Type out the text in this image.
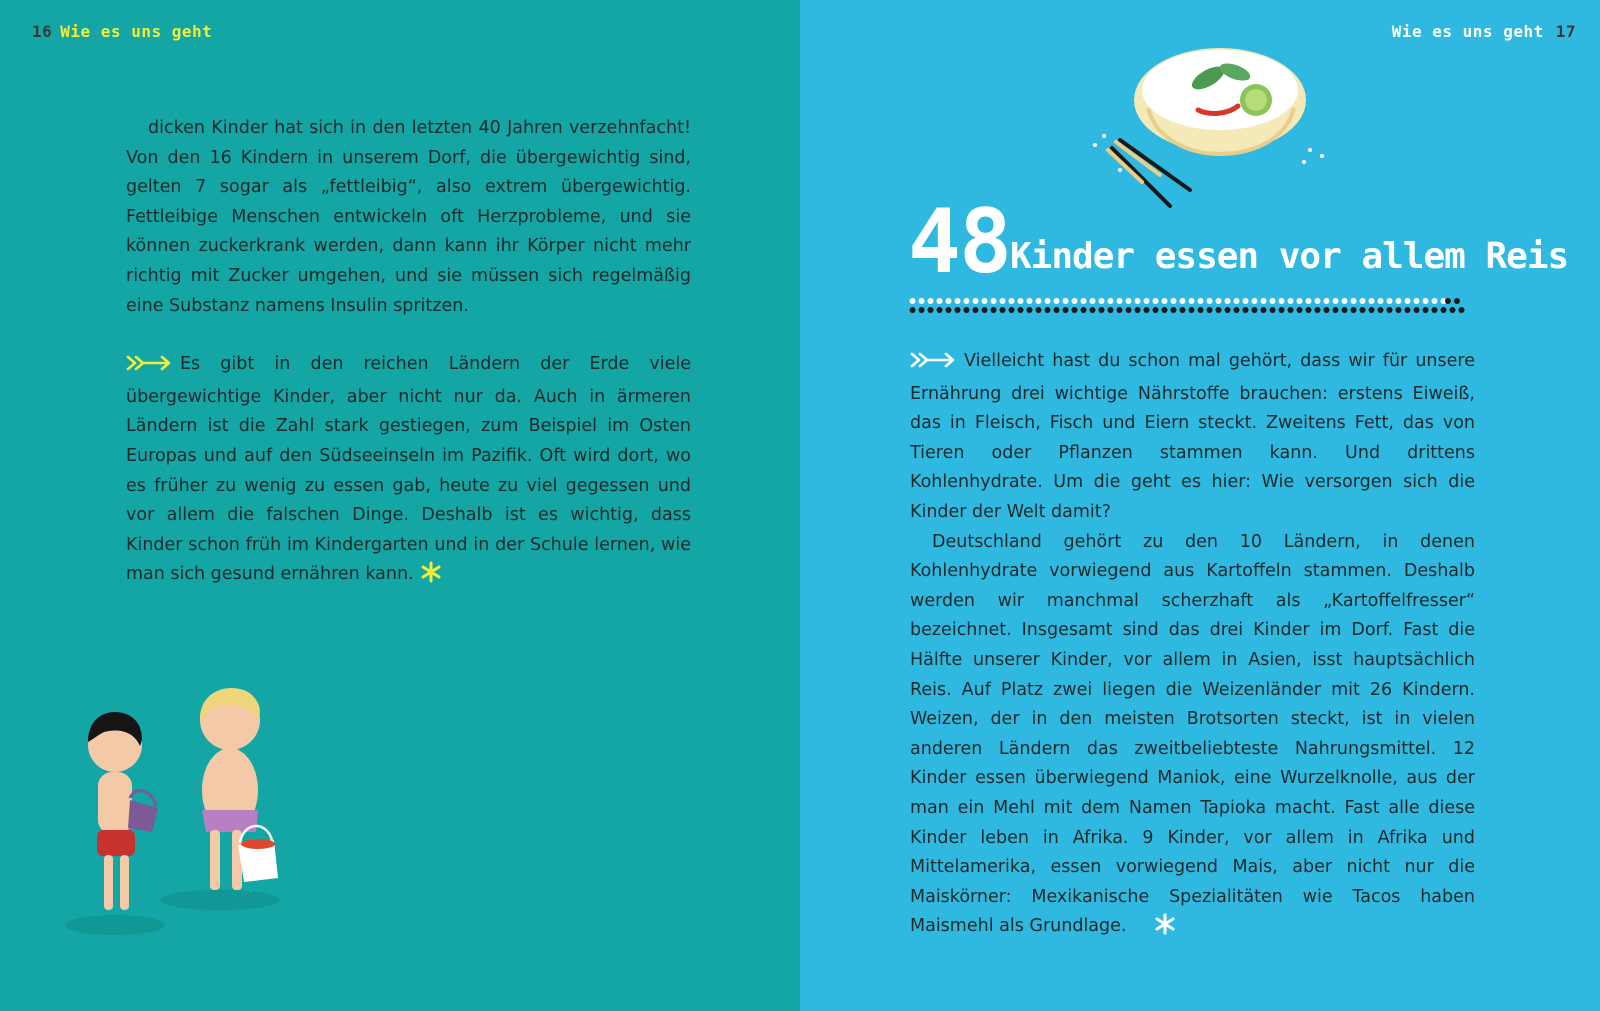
16 Wie es uns geht

dicken Kinder hat sich in den letzten 40 Jahren verzehnfacht! Von den 16 Kindern in unserem Dorf, die übergewichtig sind, gelten 7 sogar als „fettleibig“, also extrem übergewichtig. Fettleibige Menschen entwickeln oft Herzprobleme, und sie können zuckerkrank werden, dann kann ihr Körper nicht mehr richtig mit Zucker umgehen, und sie müssen sich regelmäßig eine Substanz namens Insulin spritzen.

Es gibt in den reichen Ländern der Erde viele übergewichtige Kinder, aber nicht nur da. Auch in ärmeren Ländern ist die Zahl stark gestiegen, zum Beispiel im Osten Europas und auf den Südseeinseln im Pazifik. Oft wird dort, wo es früher zu wenig zu essen gab, heute zu viel gegessen und vor allem die falschen Dinge. Deshalb ist es wichtig, dass Kinder schon früh im Kindergarten und in der Schule lernen, wie man sich gesund ernähren kann.

Wie es uns geht 17
48 Kinder essen vor allem Reis

Vielleicht hast du schon mal gehört, dass wir für unsere Ernährung drei wichtige Nährstoffe brauchen: erstens Eiweiß, das in Fleisch, Fisch und Eiern steckt. Zweitens Fett, das von Tieren oder Pflanzen stammen kann. Und drittens Kohlenhydrate. Um die geht es hier: Wie versorgen sich die Kinder der Welt damit?

Deutschland gehört zu den 10 Ländern, in denen Kohlenhydrate vorwiegend aus Kartoffeln stammen. Deshalb werden wir manchmal scherzhaft als „Kartoffelfresser“ bezeichnet. Insgesamt sind das drei Kinder im Dorf. Fast die Hälfte unserer Kinder, vor allem in Asien, isst hauptsächlich Reis. Auf Platz zwei liegen die Weizenländer mit 26 Kindern. Weizen, der in den meisten Brotsorten steckt, ist in vielen anderen Ländern das zweitbeliebteste Nahrungsmittel. 12 Kinder essen überwiegend Maniok, eine Wurzelknolle, aus der man ein Mehl mit dem Namen Tapioka macht. Fast alle diese Kinder leben in Afrika. 9 Kinder, vor allem in Afrika und Mittelamerika, essen vorwiegend Mais, aber nicht nur die Maiskörner: Mexikanische Spezialitäten wie Tacos haben Maismehl als Grundlage.
